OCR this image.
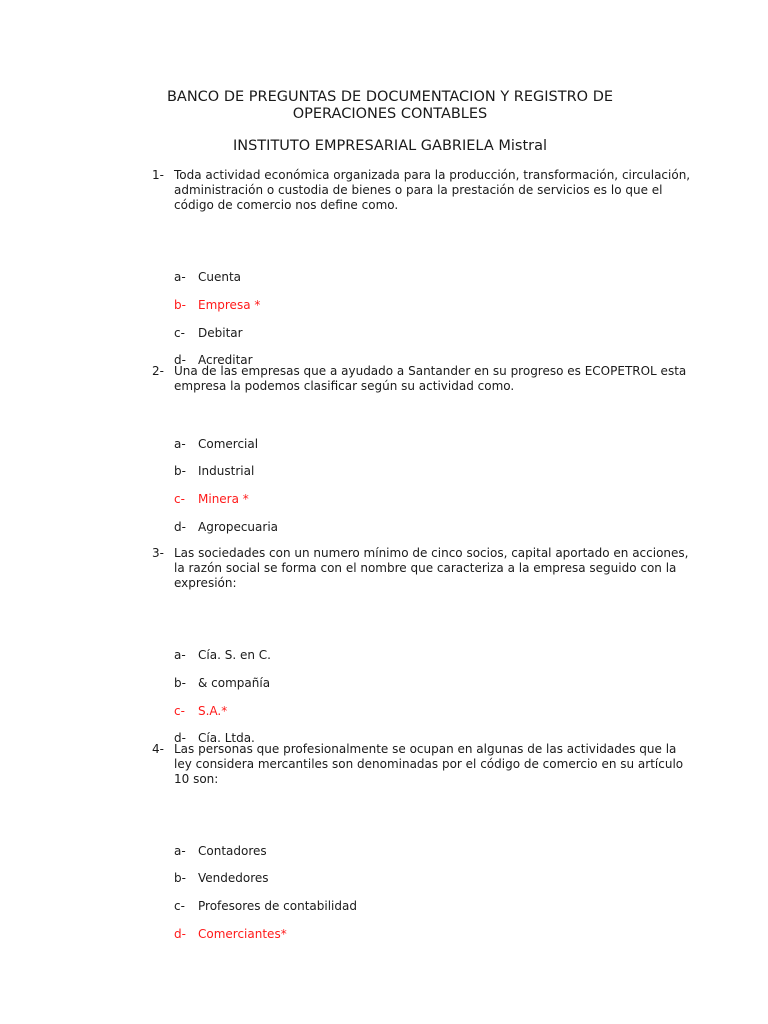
BANCO DE PREGUNTAS DE DOCUMENTACION Y REGISTRO DE
OPERACIONES CONTABLES
INSTITUTO EMPRESARIAL GABRIELA Mistral
1- Toda actividad económica organizada para la producción, transformación, circulación, administración o custodia de bienes o para la prestación de servicios es lo que el código de comercio nos define como.
a-	Cuenta
b-	Empresa *
c-	Debitar
d-	Acreditar
2- Una de las empresas que a ayudado a Santander en su progreso es ECOPETROL esta empresa la podemos clasificar según su actividad como.
a-	Comercial
b-	Industrial
c-	Minera *
d-	Agropecuaria
3- Las sociedades con un numero mínimo de cinco socios, capital aportado en acciones, la razón social se forma con el nombre que caracteriza a la empresa seguido con la expresión:
a-	Cía. S. en C.
b-	& compañía
c-	S.A.*
d-	Cía. Ltda.
4- Las personas que profesionalmente se ocupan en algunas de las actividades que la ley considera mercantiles son denominadas por el código de comercio en su artículo 10 son:
a-	Contadores
b-	Vendedores
c-	Profesores de contabilidad
d-	Comerciantes*
